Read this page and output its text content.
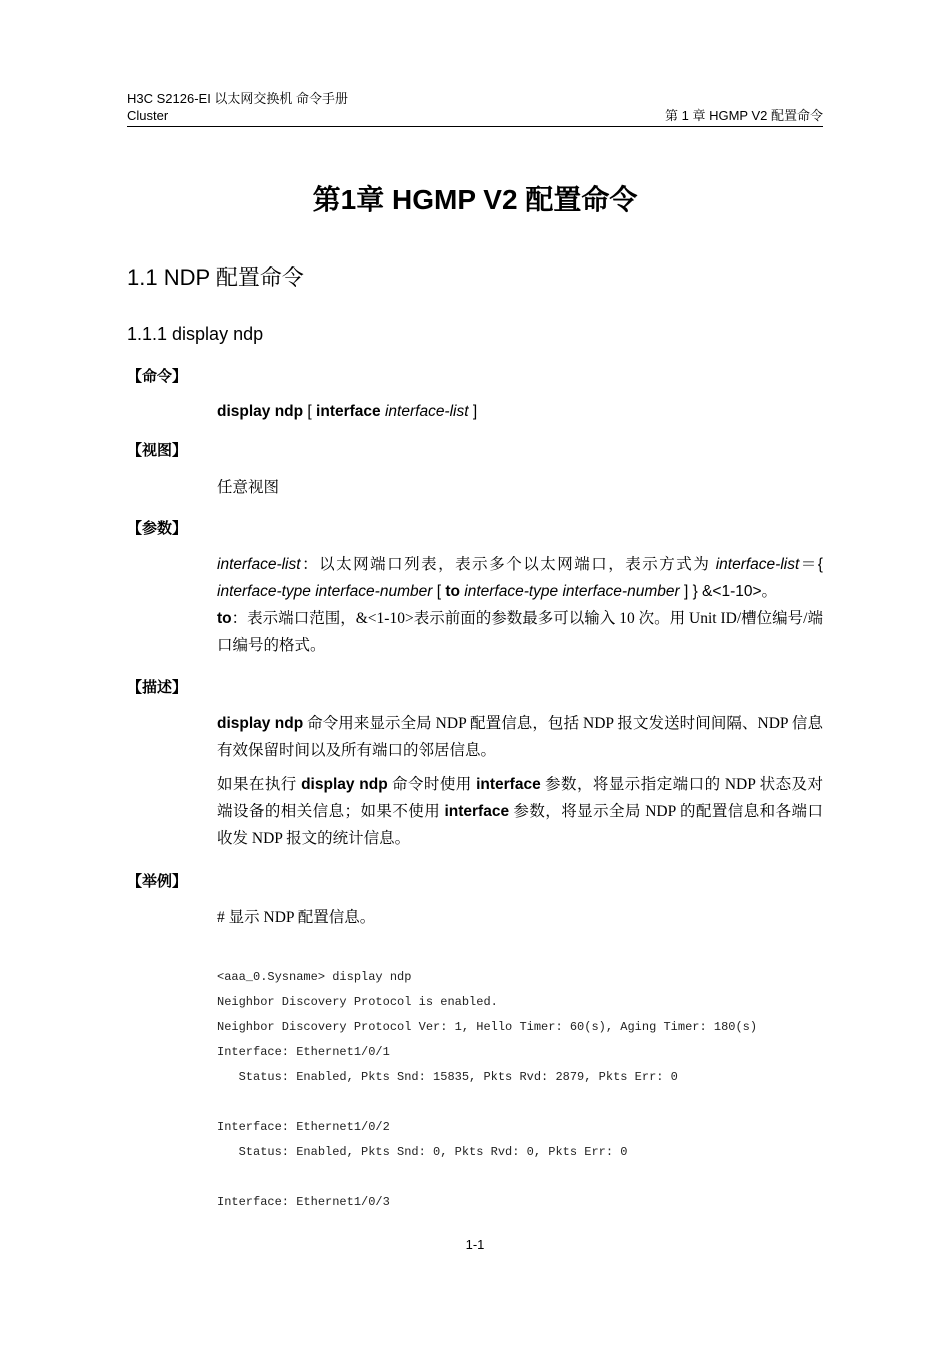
H3C S2126-EI 以太网交换机 命令手册
Cluster	第 1 章 HGMP V2 配置命令
第1章 HGMP V2 配置命令
1.1 NDP 配置命令
1.1.1 display ndp
【命令】
display ndp [ interface interface-list ]
【视图】
任意视图
【参数】
interface-list：以太网端口列表，表示多个以太网端口，表示方式为 interface-list＝{ interface-type interface-number [ to interface-type interface-number ] } &<1-10>。
to：表示端口范围，&<1-10>表示前面的参数最多可以输入 10 次。用 Unit ID/槽位编号/端口编号的格式。
【描述】
display ndp 命令用来显示全局 NDP 配置信息，包括 NDP 报文发送时间间隔、NDP 信息有效保留时间以及所有端口的邻居信息。
如果在执行 display ndp 命令时使用 interface 参数，将显示指定端口的 NDP 状态及对端设备的相关信息；如果不使用 interface 参数，将显示全局 NDP 的配置信息和各端口收发 NDP 报文的统计信息。
【举例】
# 显示 NDP 配置信息。

<aaa_0.Sysname> display ndp
Neighbor Discovery Protocol is enabled.
Neighbor Discovery Protocol Ver: 1, Hello Timer: 60(s), Aging Timer: 180(s)
Interface: Ethernet1/0/1
Status: Enabled, Pkts Snd: 15835, Pkts Rvd: 2879, Pkts Err: 0
Interface: Ethernet1/0/2
Status: Enabled, Pkts Snd: 0, Pkts Rvd: 0, Pkts Err: 0
Interface: Ethernet1/0/3
1-1
